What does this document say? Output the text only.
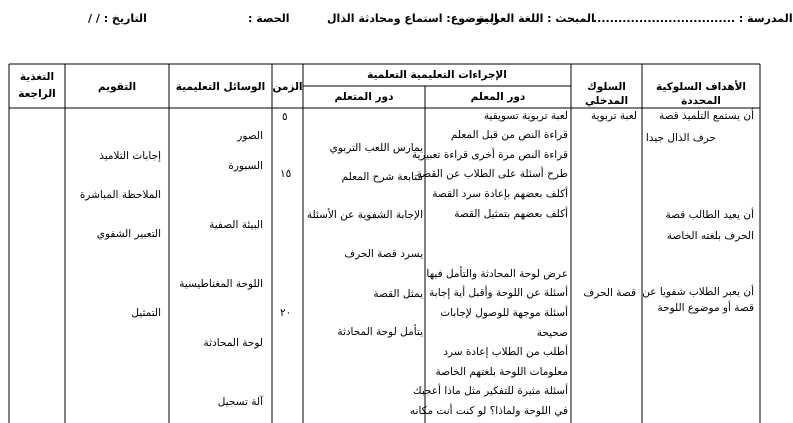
المدرسة : ..................................
المبحث : اللغة العربية
الموضوع: استماع ومحادثة الذال
الحصة :
التاريخ : / /
الأهداف السلوكية المحددة
السلوك المدخلي
الإجراءات التعليمية التعلمية
دور المعلم
دور المتعلم
الزمن
الوسائل التعليمية
التقويم
التغذية الراجعة
أن يستمع التلميذ قصة
حرف الذال جيدا
أن يعيد الطالب قصة
الحرف بلغته الخاصة
أن يعبر الطلاب شفويا عن
قصة أو موضوع اللوحة
لعبة تربوية
قصة الحرف
لعبة تربوية تسويقية
قراءة النص من قبل المعلم
قراءة النص مرة أخرى قراءة تعبيرية
طرح أسئلة على الطلاب عن القصة
أكلف بعضهم بإعادة سرد القصة
أكلف بعضهم بتمثيل القصة
عرض لوحة المحادثة والتأمل فيها
أسئلة عن اللوحة وأقبل أية إجابة
أسئلة موجهة للوصول لإجابات
صحيحة
أطلب من الطلاب إعادة سرد
معلومات اللوحة بلغتهم الخاصة
أسئلة مثيرة للتفكير مثل ماذا أعجبك
في اللوحة ولماذا؟ لو كنت أنت مكانه
يمارس اللعب التربوي
متابعة شرح المعلم
الإجابة الشفوية عن الأسئلة
يسرد قصة الحرف
يمثل القصة
يتأمل لوحة المحادثة
٥
١٥
٢٠
الصور
السبورة
البيئة الصفية
اللوحة المغناطيسية
لوحة المحادثة
آلة تسجيل
إجابات التلاميذ
الملاحظة المباشرة
التعبير الشفوي
التمثيل
